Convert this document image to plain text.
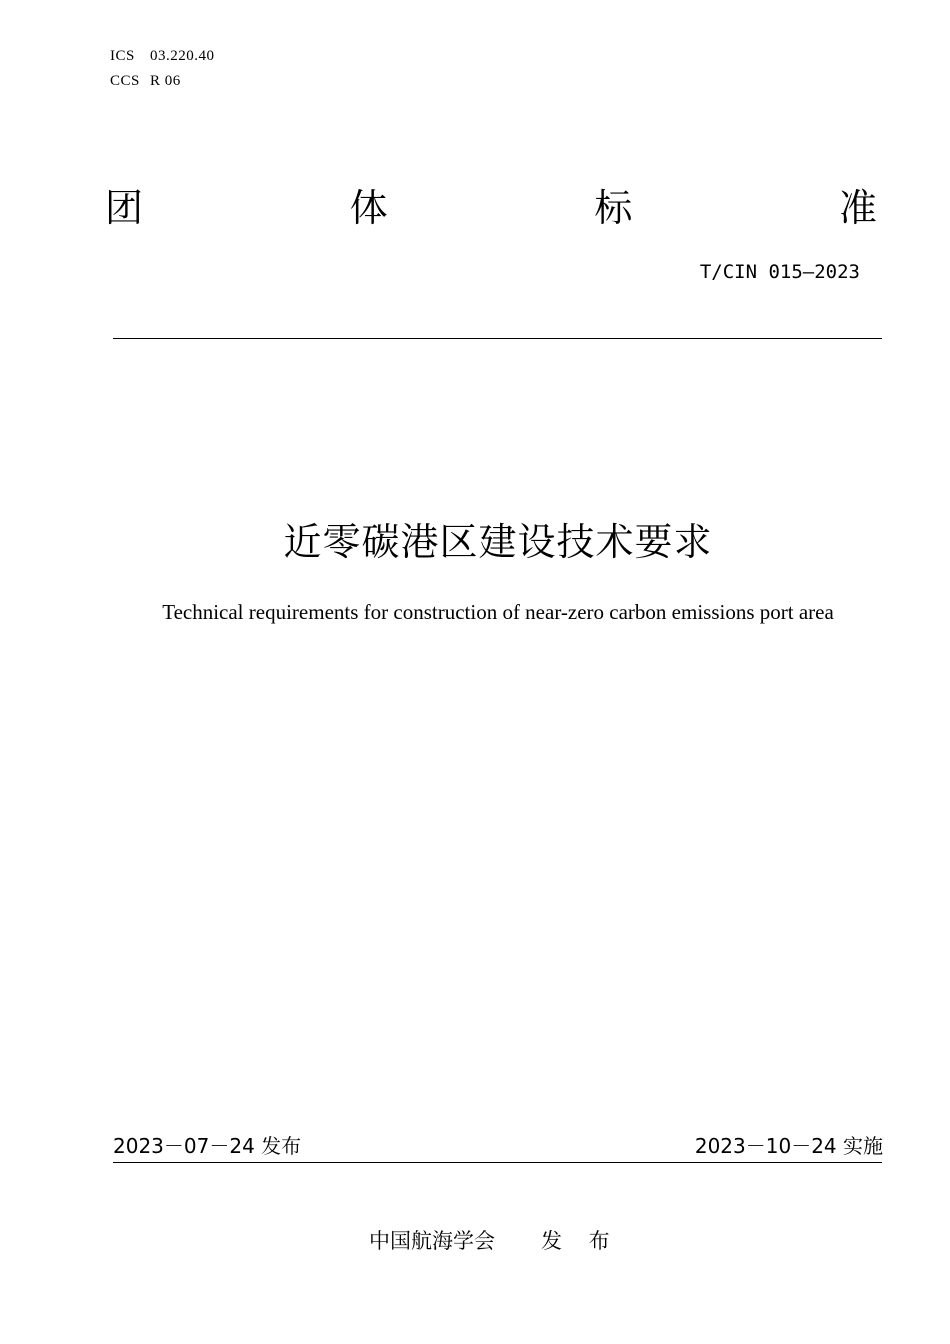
ICS 03.220.40
CCS R 06
团	体	标	准
T/CIN 015—2023
近零碳港区建设技术要求
Technical requirements for construction of near-zero carbon emissions port area
2023－07－24 发布	2023－10－24 实施
中国航海学会 发 布
